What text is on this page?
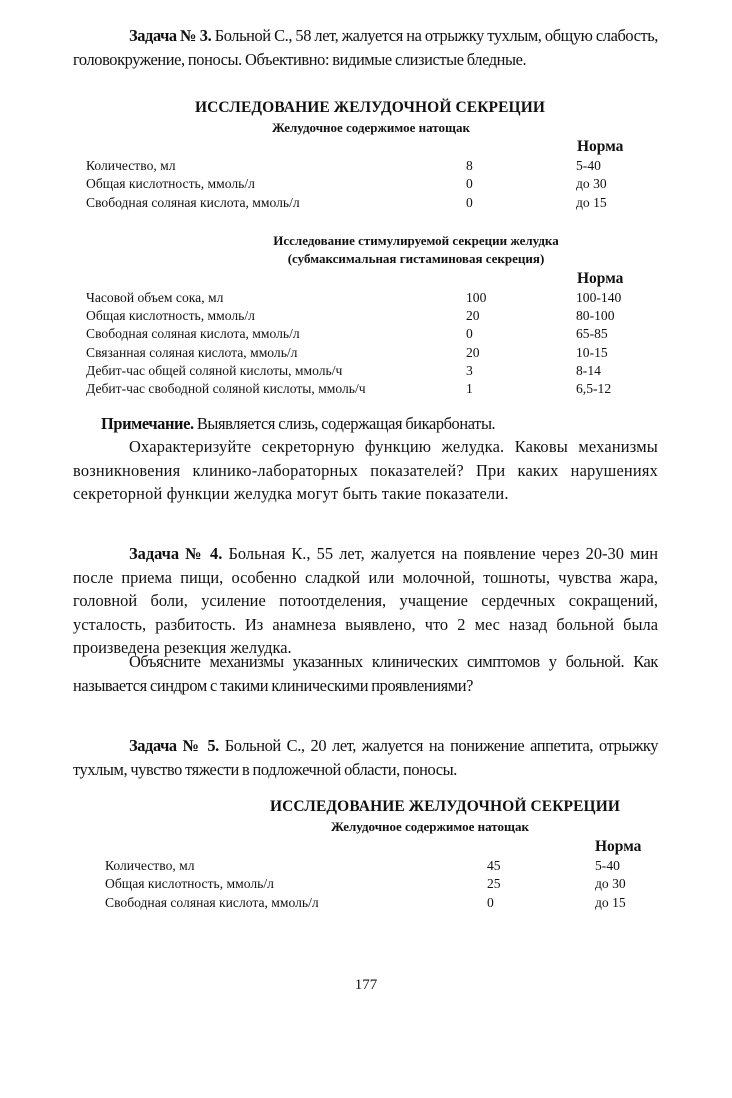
Задача № 3. Больной С., 58 лет, жалуется на отрыжку тухлым, общую слабость, головокружение, поносы. Объективно: видимые слизистые бледные.
ИССЛЕДОВАНИЕ ЖЕЛУДОЧНОЙ СЕКРЕЦИИ
Желудочное содержимое натощак
Норма
Количество, мл	8	5-40
Общая кислотность, ммоль/л	0	до 30
Свободная соляная кислота, ммоль/л	0	до 15
Исследование стимулируемой секреции желудка
(субмаксимальная гистаминовая секреция)
Норма
Часовой объем сока, мл	100	100-140
Общая кислотность, ммоль/л	20	80-100
Свободная соляная кислота, ммоль/л	0	65-85
Связанная соляная кислота, ммоль/л	20	10-15
Дебит-час общей соляной кислоты, ммоль/ч	3	8-14
Дебит-час свободной соляной кислоты, ммоль/ч	1	6,5-12
Примечание. Выявляется слизь, содержащая бикарбонаты.
Охарактеризуйте секреторную функцию желудка. Каковы механизмы возникновения клинико-лабораторных показателей? При каких нарушениях секреторной функции желудка могут быть такие показатели.
Задача № 4. Больная К., 55 лет, жалуется на появление через 20-30 мин после приема пищи, особенно сладкой или молочной, тошноты, чувства жара, головной боли, усиление потоотделения, учащение сердечных сокращений, усталость, разбитость. Из анамнеза выявлено, что 2 мес назад больной была произведена резекция желудка.
Объясните механизмы указанных клинических симптомов у больной. Как называется синдром с такими клиническими проявлениями?
Задача № 5. Больной С., 20 лет, жалуется на понижение аппетита, отрыжку тухлым, чувство тяжести в подложечной области, поносы.
ИССЛЕДОВАНИЕ ЖЕЛУДОЧНОЙ СЕКРЕЦИИ
Желудочное содержимое натощак
Норма
Количество, мл	45	5-40
Общая кислотность, ммоль/л	25	до 30
Свободная соляная кислота, ммоль/л	0	до 15
177
